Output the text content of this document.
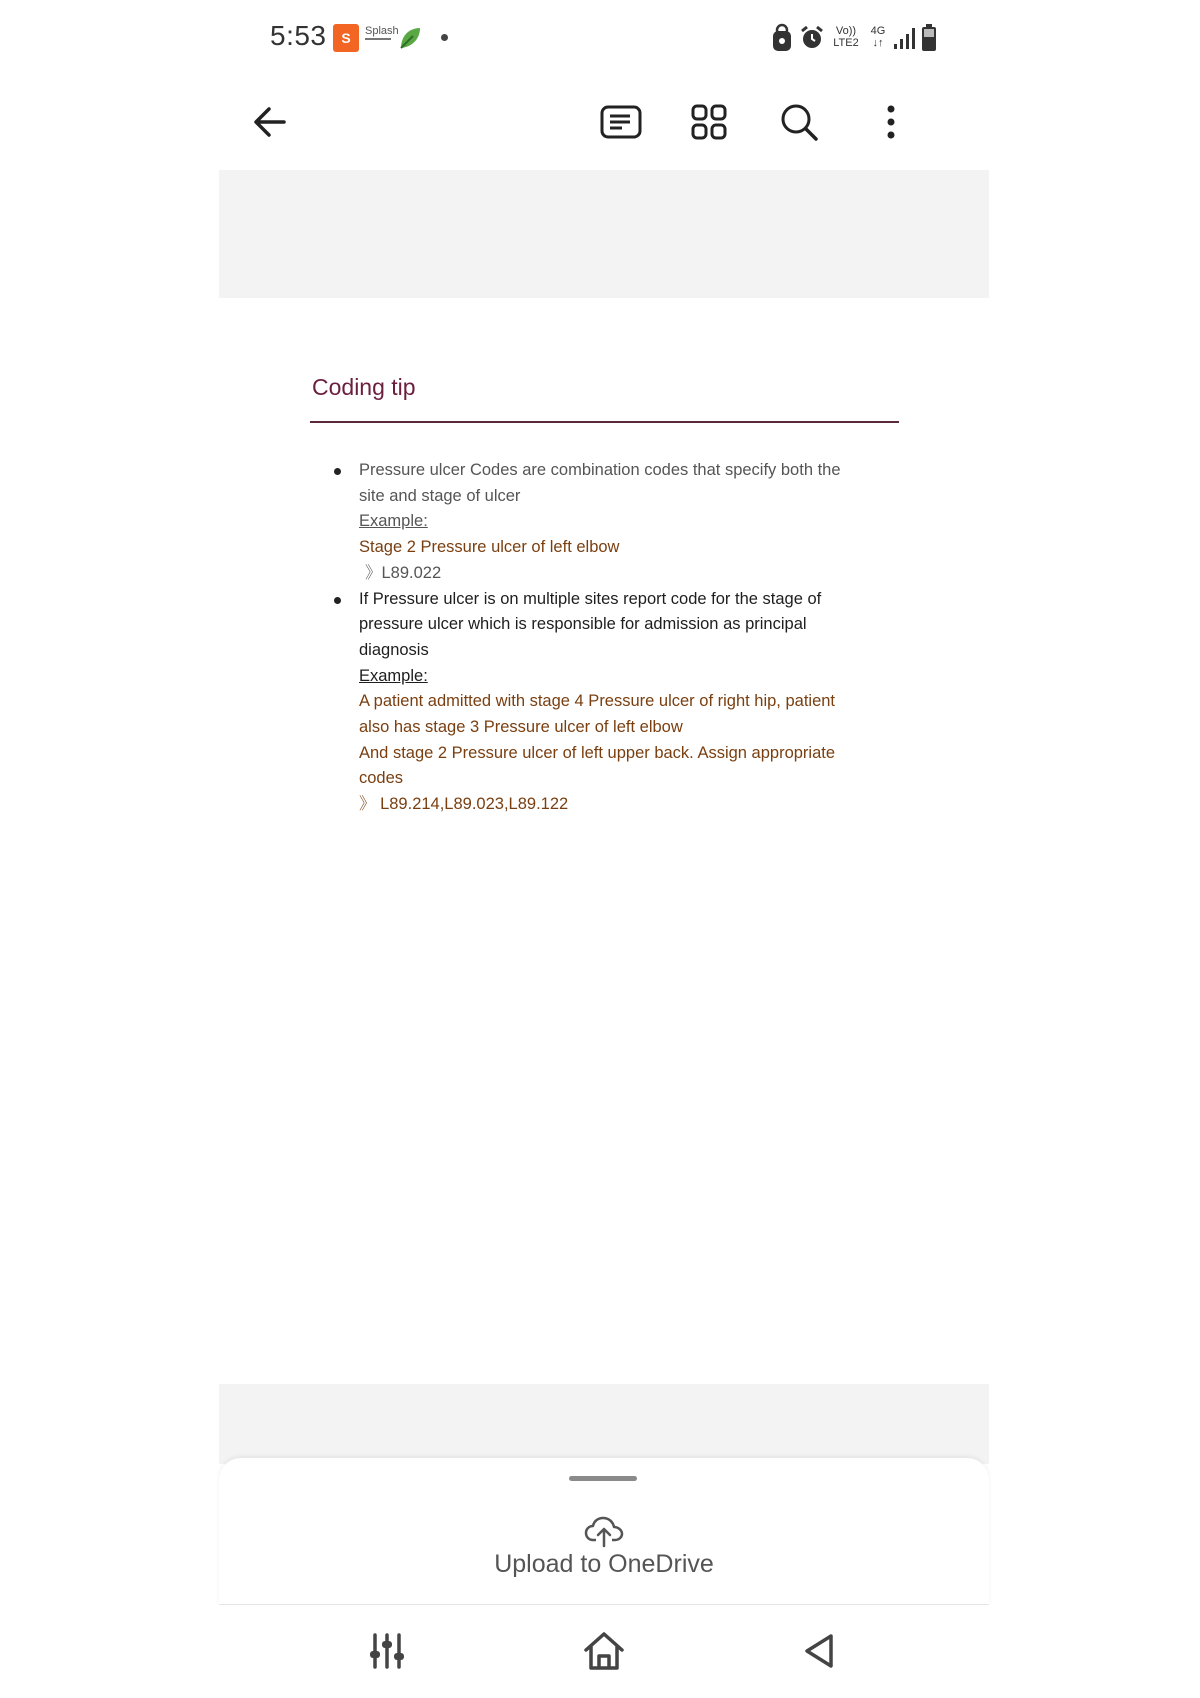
5:53	S	Splash	Vo))
LTE2
4G
↓↑
Coding tip
Pressure ulcer Codes are combination codes that specify both the
site and stage of ulcer
Example:
Stage 2 Pressure ulcer of left elbow
》L89.022
If Pressure ulcer is on multiple sites report code for the stage of
pressure ulcer which is responsible for admission as principal
diagnosis
Example:
A patient admitted with stage 4 Pressure ulcer of right hip, patient
also has stage 3 Pressure ulcer of left elbow
And stage 2 Pressure ulcer of left upper back. Assign appropriate
codes
》 L89.214,L89.023,L89.122
Upload to OneDrive
